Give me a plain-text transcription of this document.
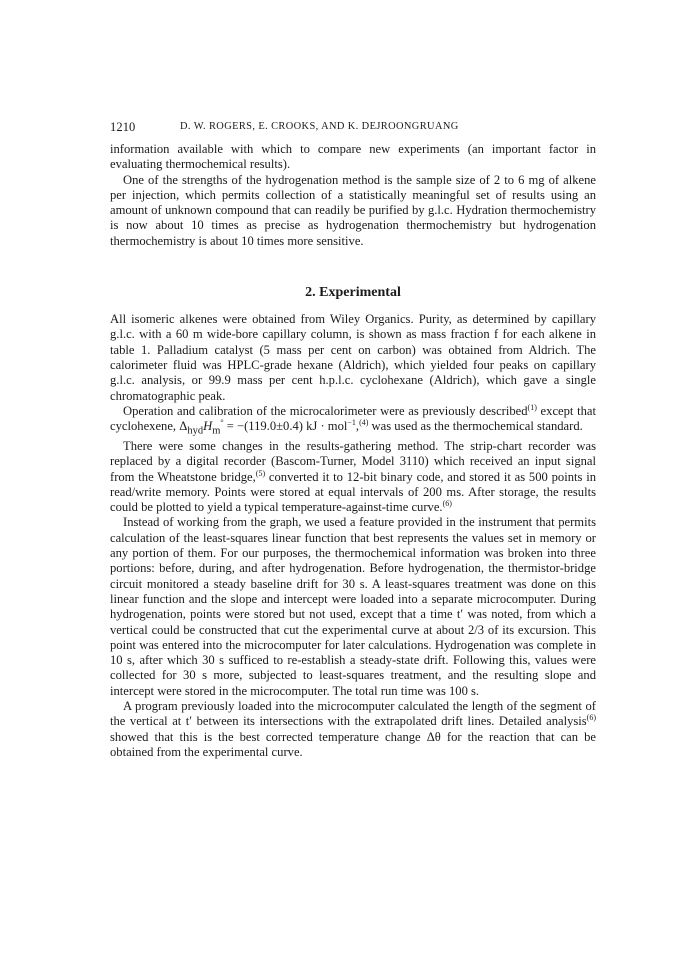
1210	D. W. ROGERS, E. CROOKS, AND K. DEJROONGRUANG

information available with which to compare new experiments (an important factor in evaluating thermochemical results).

One of the strengths of the hydrogenation method is the sample size of 2 to 6 mg of alkene per injection, which permits collection of a statistically meaningful set of results using an amount of unknown compound that can readily be purified by g.l.c. Hydration thermochemistry is now about 10 times as precise as hydrogenation thermochemistry but hydrogenation thermochemistry is about 10 times more sensitive.

2. Experimental

All isomeric alkenes were obtained from Wiley Organics. Purity, as determined by capillary g.l.c. with a 60 m wide-bore capillary column, is shown as mass fraction f for each alkene in table 1. Palladium catalyst (5 mass per cent on carbon) was obtained from Aldrich. The calorimeter fluid was HPLC-grade hexane (Aldrich), which yielded four peaks on capillary g.l.c. analysis, or 99.9 mass per cent h.p.l.c. cyclohexane (Aldrich), which gave a single chromatographic peak.

Operation and calibration of the microcalorimeter were as previously described$^{(1)}$ except that cyclohexene, $\Delta_{hyd}H_m^\circ = -(119.0\pm 0.4)$ kJ · mol$^{-1}$,$^{(4)}$ was used as the thermochemical standard.

There were some changes in the results-gathering method. The strip-chart recorder was replaced by a digital recorder (Bascom-Turner, Model 3110) which received an input signal from the Wheatstone bridge,$^{(5)}$ converted it to 12-bit binary code, and stored it as 500 points in read/write memory. Points were stored at equal intervals of 200 ms. After storage, the results could be plotted to yield a typical temperature-against-time curve.$^{(6)}$

Instead of working from the graph, we used a feature provided in the instrument that permits calculation of the least-squares linear function that best represents the values set in memory or any portion of them. For our purposes, the thermochemical information was broken into three portions: before, during, and after hydrogenation. Before hydrogenation, the thermistor-bridge circuit monitored a steady baseline drift for 30 s. A least-squares treatment was done on this linear function and the slope and intercept were loaded into a separate microcomputer. During hydrogenation, points were stored but not used, except that a time t′ was noted, from which a vertical could be constructed that cut the experimental curve at about 2/3 of its excursion. This point was entered into the microcomputer for later calculations. Hydrogenation was complete in 10 s, after which 30 s sufficed to re-establish a steady-state drift. Following this, values were collected for 30 s more, subjected to least-squares treatment, and the resulting slope and intercept were stored in the microcomputer. The total run time was 100 s.

A program previously loaded into the microcomputer calculated the length of the segment of the vertical at t′ between its intersections with the extrapolated drift lines. Detailed analysis$^{(6)}$ showed that this is the best corrected temperature change Δθ for the reaction that can be obtained from the experimental curve.
